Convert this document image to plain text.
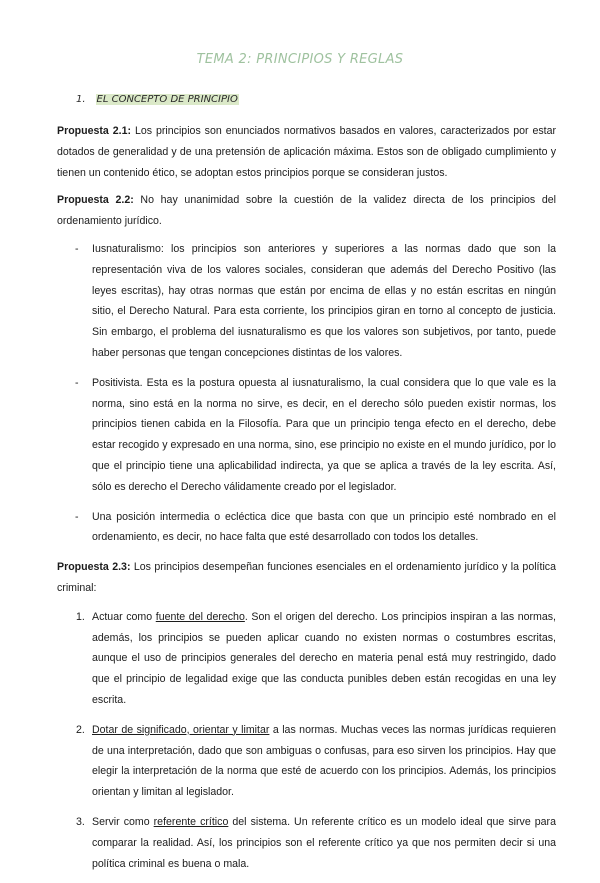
TEMA 2: PRINCIPIOS Y REGLAS
1. EL CONCEPTO DE PRINCIPIO

Propuesta 2.1: Los principios son enunciados normativos basados en valores, caracterizados por estar dotados de generalidad y de una pretensión de aplicación máxima. Estos son de obligado cumplimiento y tienen un contenido ético, se adoptan estos principios porque se consideran justos.

Propuesta 2.2: No hay unanimidad sobre la cuestión de la validez directa de los principios del ordenamiento jurídico.

- Iusnaturalismo: los principios son anteriores y superiores a las normas dado que son la representación viva de los valores sociales, consideran que además del Derecho Positivo (las leyes escritas), hay otras normas que están por encima de ellas y no están escritas en ningún sitio, el Derecho Natural. Para esta corriente, los principios giran en torno al concepto de justicia. Sin embargo, el problema del iusnaturalismo es que los valores son subjetivos, por tanto, puede haber personas que tengan concepciones distintas de los valores.
- Positivista. Esta es la postura opuesta al iusnaturalismo, la cual considera que lo que vale es la norma, sino está en la norma no sirve, es decir, en el derecho sólo pueden existir normas, los principios tienen cabida en la Filosofía. Para que un principio tenga efecto en el derecho, debe estar recogido y expresado en una norma, sino, ese principio no existe en el mundo jurídico, por lo que el principio tiene una aplicabilidad indirecta, ya que se aplica a través de la ley escrita. Así, sólo es derecho el Derecho válidamente creado por el legislador.
- Una posición intermedia o ecléctica dice que basta con que un principio esté nombrado en el ordenamiento, es decir, no hace falta que esté desarrollado con todos los detalles.

Propuesta 2.3: Los principios desempeñan funciones esenciales en el ordenamiento jurídico y la política criminal:

1. Actuar como fuente del derecho. Son el origen del derecho. Los principios inspiran a las normas, además, los principios se pueden aplicar cuando no existen normas o costumbres escritas, aunque el uso de principios generales del derecho en materia penal está muy restringido, dado que el principio de legalidad exige que las conducta punibles deben están recogidas en una ley escrita.
2. Dotar de significado, orientar y limitar a las normas. Muchas veces las normas jurídicas requieren de una interpretación, dado que son ambiguas o confusas, para eso sirven los principios. Hay que elegir la interpretación de la norma que esté de acuerdo con los principios. Además, los principios orientan y limitan al legislador.
3. Servir como referente crítico del sistema. Un referente crítico es un modelo ideal que sirve para comparar la realidad. Así, los principios son el referente crítico ya que nos permiten decir si una política criminal es buena o mala.
